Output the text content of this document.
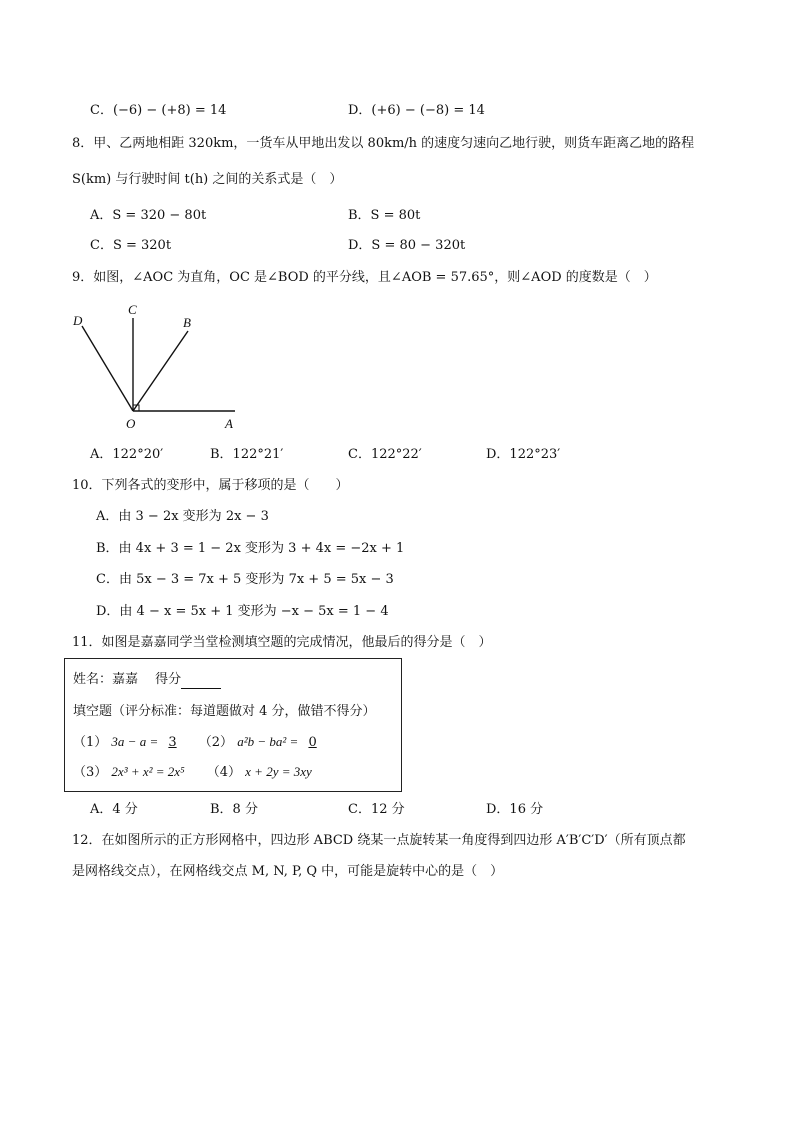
C．(−6) − (+8) = 14	D．(+6) − (−8) = 14
8．甲、乙两地相距 320km，一货车从甲地出发以 80km/h 的速度匀速向乙地行驶，则货车距离乙地的路程
S(km) 与行驶时间 t(h) 之间的关系式是（　）
A．S = 320 − 80t	B．S = 80t
C．S = 320t	D．S = 80 − 320t
9．如图，∠AOC 为直角，OC 是∠BOD 的平分线，且∠AOB = 57.65°，则∠AOD 的度数是（　）
D
C
B
O	A
A．122°20′	B．122°21′	C．122°22′	D．122°23′
10．下列各式的变形中，属于移项的是（　　）
A．由 3 − 2x 变形为 2x − 3
B．由 4x + 3 = 1 − 2x 变形为 3 + 4x = −2x + 1
C．由 5x − 3 = 7x + 5 变形为 7x + 5 = 5x − 3
D．由 4 − x = 5x + 1 变形为 −x − 5x = 1 − 4
11．如图是嘉嘉同学当堂检测填空题的完成情况，他最后的得分是（　）
姓名：嘉嘉　 得分
填空题（评分标准：每道题做对 4 分，做错不得分）
（1） 3a − a = 3 （2） a²b − ba² = 0
（3） 2x³ + x² = 2x⁵ （4） x + 2y = 3xy
A．4 分	B．8 分	C．12 分	D．16 分
12．在如图所示的正方形网格中，四边形 ABCD 绕某一点旋转某一角度得到四边形 A′B′C′D′（所有顶点都
是网格线交点），在网格线交点 M, N, P, Q 中，可能是旋转中心的是（　）
